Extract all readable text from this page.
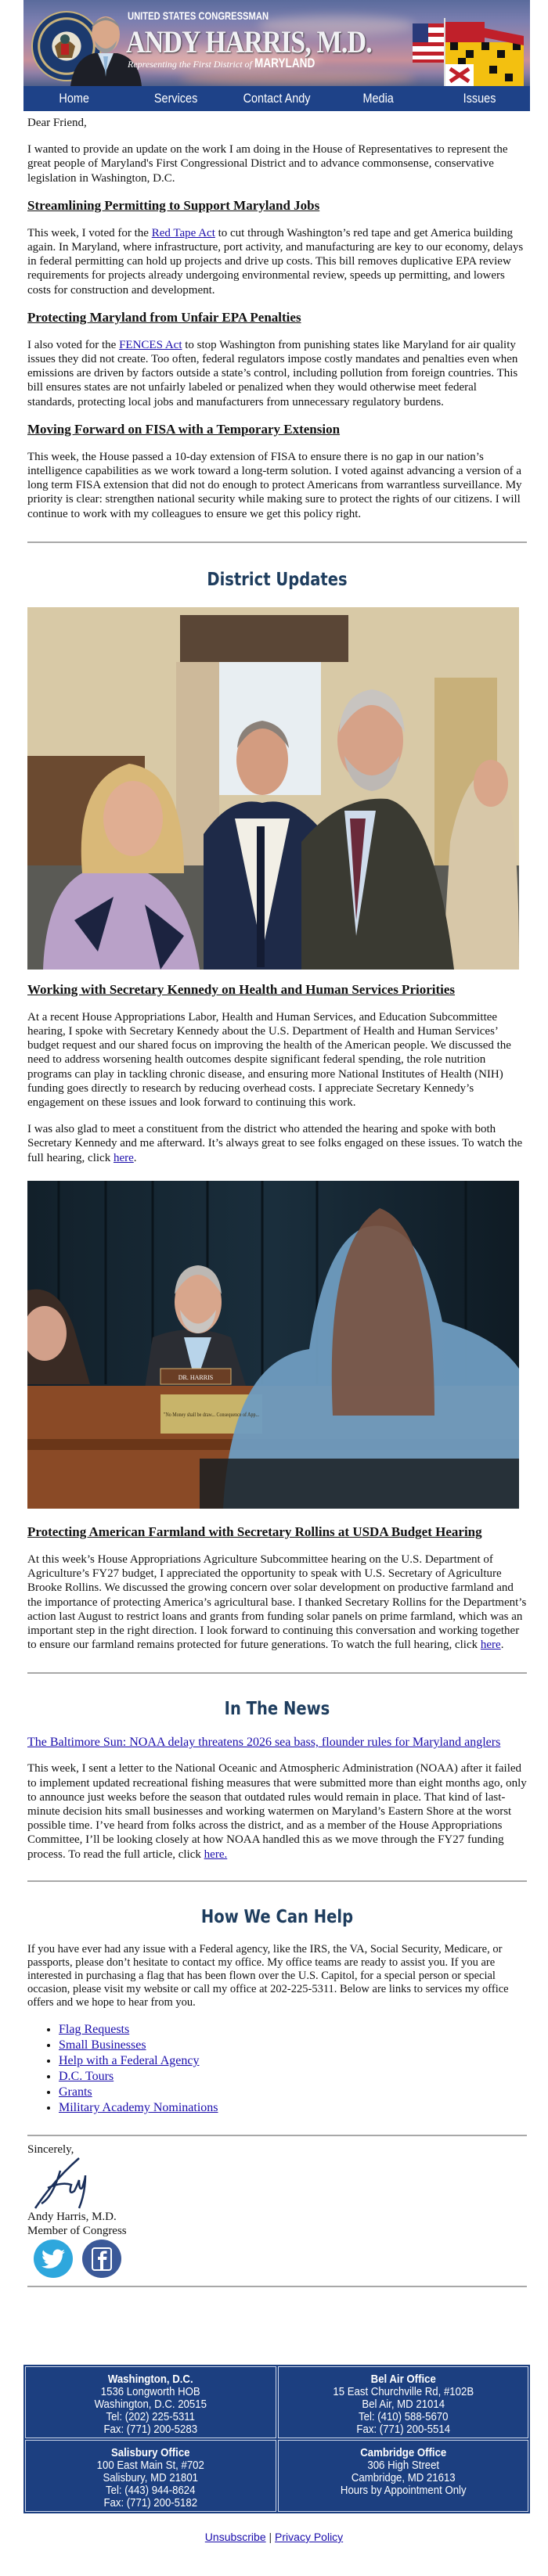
UNITED STATES CONGRESSMAN
ANDY HARRIS, M.D.
Representing the First District of MARYLAND
Home	Services	Contact Andy	Media	Issues

Dear Friend,

I wanted to provide an update on the work I am doing in the House of Representatives to represent the great people of Maryland's First Congressional District and to advance commonsense, conservative legislation in Washington, D.C.

Streamlining Permitting to Support Maryland Jobs

This week, I voted for the Red Tape Act to cut through Washington’s red tape and get America building again. In Maryland, where infrastructure, port activity, and manufacturing are key to our economy, delays in federal permitting can hold up projects and drive up costs. This bill removes duplicative EPA review requirements for projects already undergoing environmental review, speeds up permitting, and lowers costs for construction and development.

Protecting Maryland from Unfair EPA Penalties

I also voted for the FENCES Act to stop Washington from punishing states like Maryland for air quality issues they did not create. Too often, federal regulators impose costly mandates and penalties even when emissions are driven by factors outside a state’s control, including pollution from foreign countries. This bill ensures states are not unfairly labeled or penalized when they would otherwise meet federal standards, protecting local jobs and manufacturers from unnecessary regulatory burdens.

Moving Forward on FISA with a Temporary Extension

This week, the House passed a 10-day extension of FISA to ensure there is no gap in our nation’s intelligence capabilities as we work toward a long-term solution. I voted against advancing a version of a long term FISA extension that did not do enough to protect Americans from warrantless surveillance. My priority is clear: strengthen national security while making sure to protect the rights of our citizens. I will continue to work with my colleagues to ensure we get this policy right.

District Updates
Working with Secretary Kennedy on Health and Human Services Priorities

At a recent House Appropriations Labor, Health and Human Services, and Education Subcommittee hearing, I spoke with Secretary Kennedy about the U.S. Department of Health and Human Services’ budget request and our shared focus on improving the health of the American people. We discussed the need to address worsening health outcomes despite significant federal spending, the role nutrition programs can play in tackling chronic disease, and ensuring more National Institutes of Health (NIH) funding goes directly to research by reducing overhead costs. I appreciate Secretary Kennedy’s engagement on these issues and look forward to continuing this work.

I was also glad to meet a constituent from the district who attended the hearing and spoke with both Secretary Kennedy and me afterward. It’s always great to see folks engaged on these issues. To watch the full hearing, click here.

DR. HARRIS
"No Money shall be draw... Consequence of App...
Protecting American Farmland with Secretary Rollins at USDA Budget Hearing

At this week’s House Appropriations Agriculture Subcommittee hearing on the U.S. Department of Agriculture’s FY27 budget, I appreciated the opportunity to speak with U.S. Secretary of Agriculture Brooke Rollins. We discussed the growing concern over solar development on productive farmland and the importance of protecting America’s agricultural base. I thanked Secretary Rollins for the Department’s action last August to restrict loans and grants from funding solar panels on prime farmland, which was an important step in the right direction. I look forward to continuing this conversation and working together to ensure our farmland remains protected for future generations. To watch the full hearing, click here.

In The News

The Baltimore Sun: NOAA delay threatens 2026 sea bass, flounder rules for Maryland anglers

This week, I sent a letter to the National Oceanic and Atmospheric Administration (NOAA) after it failed to implement updated recreational fishing measures that were submitted more than eight months ago, only to announce just weeks before the season that outdated rules would remain in place. That kind of last-minute decision hits small businesses and working watermen on Maryland’s Eastern Shore at the worst possible time. I’ve heard from folks across the district, and as a member of the House Appropriations Committee, I’ll be looking closely at how NOAA handled this as we move through the FY27 funding process. To read the full article, click here.

How We Can Help

If you have ever had any issue with a Federal agency, like the IRS, the VA, Social Security, Medicare, or passports, please don’t hesitate to contact my office. My office teams are ready to assist you. If you are interested in purchasing a flag that has been flown over the U.S. Capitol, for a special person or special occasion, please visit my website or call my office at 202-225-5311. Below are links to services my office offers and we hope to hear from you.

• Flag Requests
• Small Businesses
• Help with a Federal Agency
• D.C. Tours
• Grants
• Military Academy Nominations
Sincerely,
Andy Harris, M.D.
Member of Congress
Washington, D.C.
1536 Longworth HOB
Washington, D.C. 20515
Tel: (202) 225-5311
Fax: (771) 200-5283
Bel Air Office
15 East Churchville Rd, #102B
Bel Air, MD 21014
Tel: (410) 588-5670
Fax: (771) 200-5514
Salisbury Office
100 East Main St, #702
Salisbury, MD 21801
Tel: (443) 944-8624
Fax: (771) 200-5182
Cambridge Office
306 High Street
Cambridge, MD 21613
Hours by Appointment Only
Unsubscribe | Privacy Policy
